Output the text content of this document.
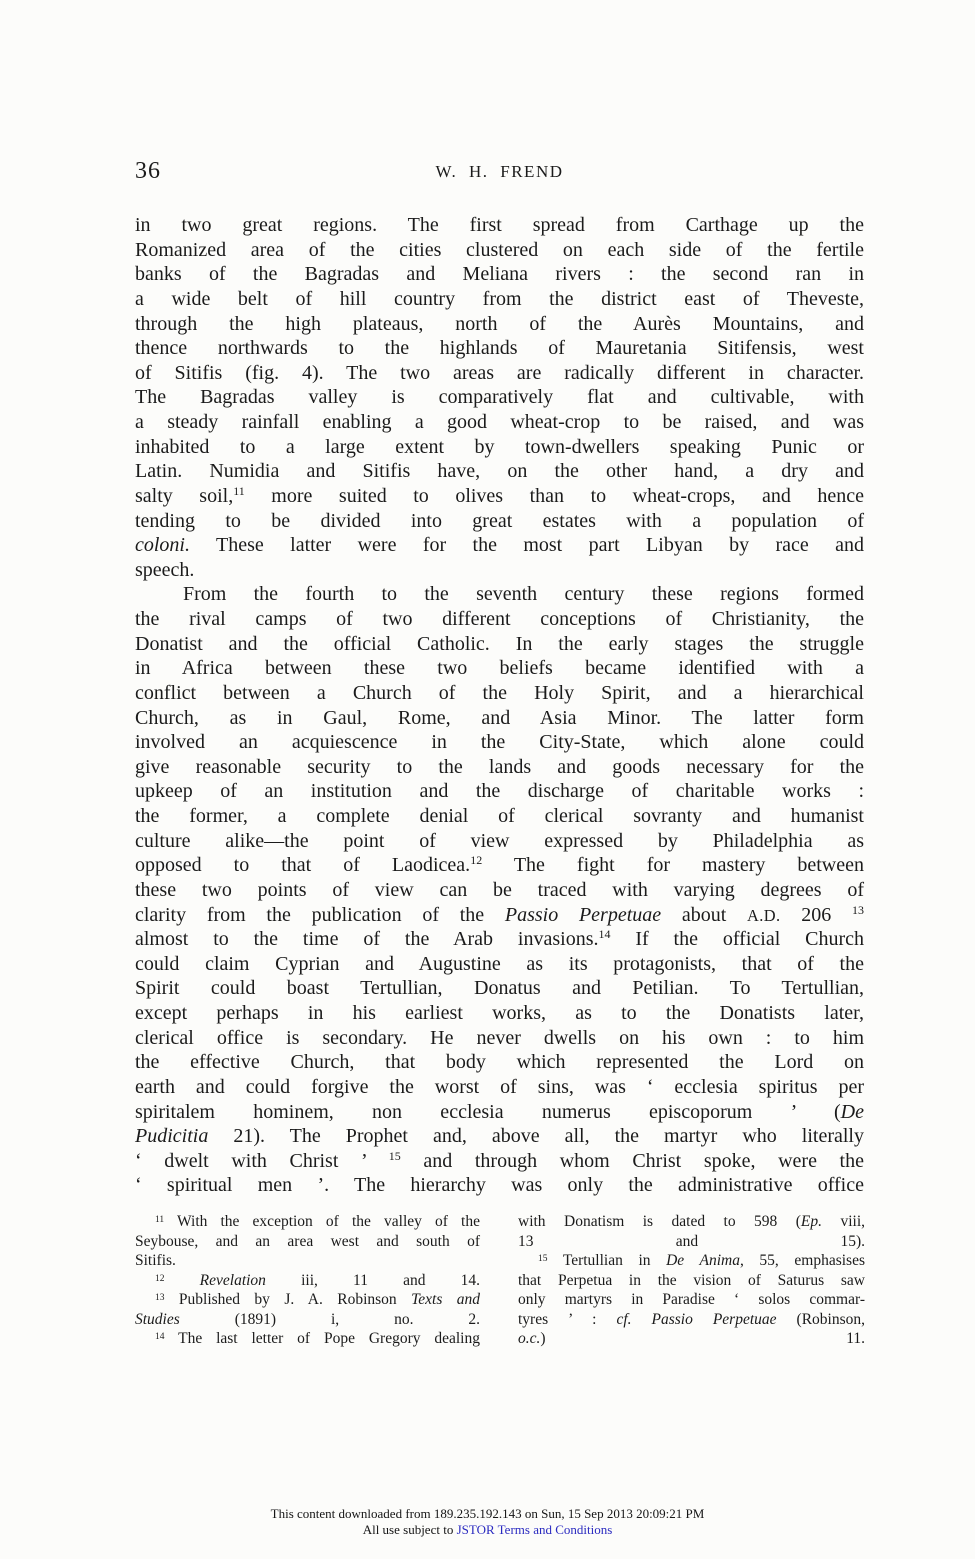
36	W. H. FREND
in two great regions. The first spread from Carthage up the
Romanized area of the cities clustered on each side of the fertile
banks of the Bagradas and Meliana rivers : the second ran in
a wide belt of hill country from the district east of Theveste,
through the high plateaus, north of the Aurès Mountains, and
thence northwards to the highlands of Mauretania Sitifensis, west
of Sitifis (fig. 4). The two areas are radically different in character.
The Bagradas valley is comparatively flat and cultivable, with
a steady rainfall enabling a good wheat-crop to be raised, and was
inhabited to a large extent by town-dwellers speaking Punic or
Latin. Numidia and Sitifis have, on the other hand, a dry and
salty soil,$^{11}$ more suited to olives than to wheat-crops, and hence
tending to be divided into great estates with a population of
coloni. These latter were for the most part Libyan by race and
speech.
From the fourth to the seventh century these regions formed
the rival camps of two different conceptions of Christianity, the
Donatist and the official Catholic. In the early stages the struggle
in Africa between these two beliefs became identified with a
conflict between a Church of the Holy Spirit, and a hierarchical
Church, as in Gaul, Rome, and Asia Minor. The latter form
involved an acquiescence in the City-State, which alone could
give reasonable security to the lands and goods necessary for the
upkeep of an institution and the discharge of charitable works :
the former, a complete denial of clerical sovranty and humanist
culture alike—the point of view expressed by Philadelphia as
opposed to that of Laodicea.$^{12}$ The fight for mastery between
these two points of view can be traced with varying degrees of
clarity from the publication of the Passio Perpetuae about A.D. 206 $^{13}$
almost to the time of the Arab invasions.$^{14}$ If the official Church
could claim Cyprian and Augustine as its protagonists, that of the
Spirit could boast Tertullian, Donatus and Petilian. To Tertullian,
except perhaps in his earliest works, as to the Donatists later,
clerical office is secondary. He never dwells on his own : to him
the effective Church, that body which represented the Lord on
earth and could forgive the worst of sins, was ‘ ecclesia spiritus per
spiritalem hominem, non ecclesia numerus episcoporum ’ (De
Pudicitia 21). The Prophet and, above all, the martyr who literally
‘ dwelt with Christ ’ $^{15}$ and through whom Christ spoke, were the
‘ spiritual men ’. The hierarchy was only the administrative office
$^{11}$ With the exception of the valley of the
Seybouse, and an area west and south of
Sitifis.
$^{12}$ Revelation iii, 11 and 14.
$^{13}$ Published by J. A. Robinson Texts and
Studies (1891) i, no. 2.
$^{14}$ The last letter of Pope Gregory dealing
with Donatism is dated to 598 (Ep. viii,
13 and 15).
$^{15}$ Tertullian in De Anima, 55, emphasises
that Perpetua in the vision of Saturus saw
only martyrs in Paradise ‘ solos commar-
tyres ’ : cf. Passio Perpetuae (Robinson,
o.c.) 11.
This content downloaded from 189.235.192.143 on Sun, 15 Sep 2013 20:09:21 PM
All use subject to JSTOR Terms and Conditions
